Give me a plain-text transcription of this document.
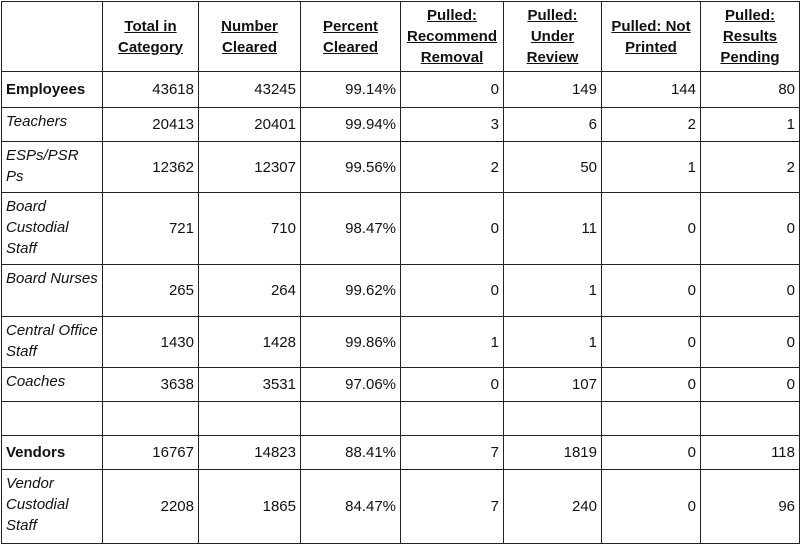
	Total in Category	Number Cleared	Percent Cleared	Pulled: Recommend Removal	Pulled: Under Review	Pulled: Not Printed	Pulled: Results Pending
Employees	43618	43245	99.14%	0	149	144	80
Teachers	20413	20401	99.94%	3	6	2	1
ESPs/PSR Ps	12362	12307	99.56%	2	50	1	2
Board Custodial Staff	721	710	98.47%	0	11	0	0
Board Nurses	265	264	99.62%	0	1	0	0
Central Office Staff	1430	1428	99.86%	1	1	0	0
Coaches	3638	3531	97.06%	0	107	0	0

Vendors	16767	14823	88.41%	7	1819	0	118
Vendor Custodial Staff	2208	1865	84.47%	7	240	0	96
